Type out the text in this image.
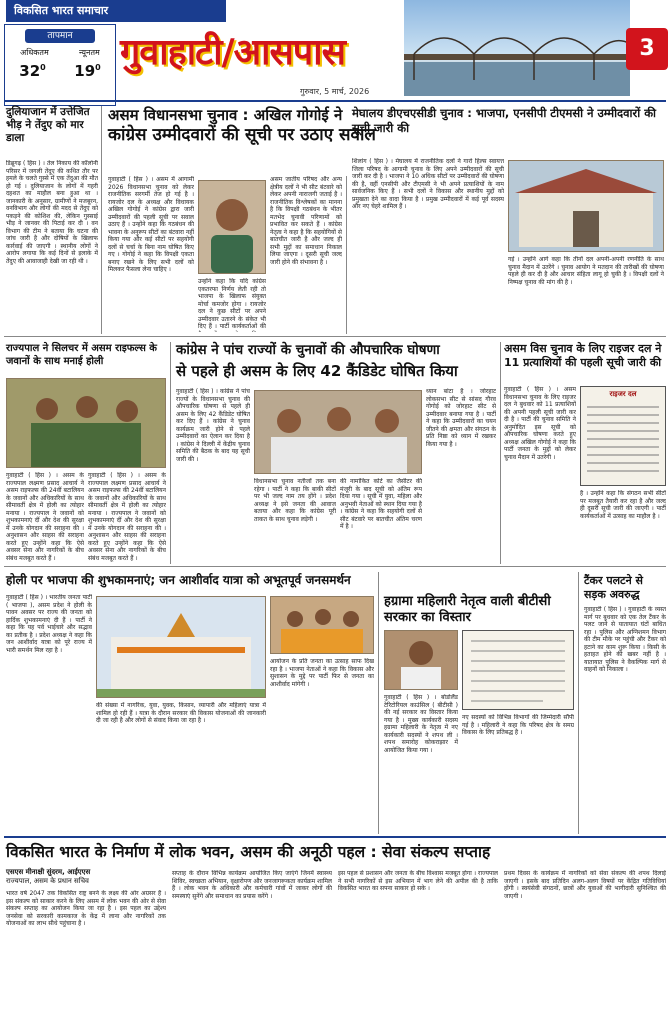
विकसित भारत समाचार
तापमान
अधिकतम	न्यूनतम
$32^0$ $19^0$ गुवाहाटी/आसपास
गुरुवार, 5 मार्च, 2026
3
दुलियाजान में उत्तेजित भीड़ ने तेंदुए को मार डाला
डिब्रूगढ़ ( हिंस ) । तेल निकाय की कॉलोनी परिसर में जगली तेंदुए की कथित तौर पर हमले के चलते गुस्से में एक तेंदुआ की मौत हो गई । दुलियाजान के लोगों में गहरी दहशत का माहौल बना हुआ था । जानकारी के अनुसार, ग्रामीणों ने मजबूरन, वनविभाग और लोगों की मदद से तेंदुए को पकड़ने की कोशिश की, लेकिन गुस्साई भीड़ ने जानवर की पिटाई कर दी । वन विभाग की टीम ने बताया कि घटना की जांच जारी है और दोषियों के खिलाफ कार्रवाई की जाएगी । स्थानीय लोगों ने आरोप लगाया कि कई दिनों से इलाके में तेंदुए की आवाजाही देखी जा रही थी ।
असम विधानसभा चुनाव : अखिल गोगोई ने
कांग्रेस उम्मीदवारों की सूची पर उठाए सवाल
गुवाहाटी ( हिंस ) । असम में आगामी 2026 विधानसभा चुनाव को लेकर राजनीतिक सरगर्मी तेज हो गई है । रायजोर दल के अध्यक्ष और विधायक अखिल गोगोई ने कांग्रेस द्वारा जारी उम्मीदवारों की पहली सूची पर सवाल उठाए हैं । उन्होंने कहा कि गठबंधन की भावना के अनुरूप सीटों का बंटवारा नहीं किया गया और कई सीटों पर सहयोगी दलों से चर्चा के बिना नाम घोषित किए गए । गोगोई ने कहा कि विपक्षी एकता बनाए रखने के लिए सभी दलों को मिलकर फैसला लेना चाहिए ।
उन्होंने कहा कि यदि कांग्रेस एकतरफा निर्णय लेती रही तो भाजपा के खिलाफ संयुक्त मोर्चा कमजोर होगा । रायजोर दल ने कुछ सीटों पर अपने उम्मीदवार उतारने के संकेत भी दिए हैं । पार्टी कार्यकर्ताओं की
असम जातीय परिषद और अन्य क्षेत्रीय दलों ने भी सीट बंटवारे को लेकर अपनी नाराजगी जताई है । राजनीतिक विश्लेषकों का मानना है कि विपक्षी गठबंधन के भीतर मतभेद चुनावी परिणामों को प्रभावित कर सकते हैं । कांग्रेस नेतृत्व ने कहा है कि सहयोगियों से बातचीत जारी है और जल्द ही सभी मुद्दों का समाधान निकाल लिया जाएगा । दूसरी सूची जल्द जारी होने की संभावना है ।
मेघालय डीएचएसीडी चुनाव : भाजपा, एनसीपी टीएमसी ने उम्मीदवारों की सूची जारी की
शिलांग ( हिंस ) । मेघालय में राजनीतिक दलों ने गारो हिल्स स्वायत्त जिला परिषद के आगामी चुनाव के लिए अपने उम्मीदवारों की सूची जारी कर दी है । भाजपा ने 10 अधिक सीटों पर उम्मीदवारों की घोषणा की है, वहीं एनसीपी और टीएमसी ने भी अपने प्रत्याशियों के नाम सार्वजनिक किए हैं । सभी दलों ने विकास और स्थानीय मुद्दों को प्रमुखता देने का वादा किया है । प्रमुख उम्मीदवारों में कई पूर्व सदस्य और नए चेहरे शामिल हैं ।
गई । उन्होंने आगे कहा कि तीनों दल अपनी-अपनी रणनीति के साथ चुनाव मैदान में उतरेंगे । चुनाव आयोग ने मतदान की तारीखों की घोषणा पहले ही कर दी है और आचार संहिता लागू हो चुकी है । विपक्षी दलों ने निष्पक्ष चुनाव की मांग की है ।
राज्यपाल ने सिलचर में असम राइफल्स के जवानों के साथ मनाई होली
गुवाहाटी ( हिंस ) । असम के राज्यपाल लक्ष्मण प्रसाद आचार्य ने असम राइफल्स की 24वीं बटालियन के जवानों और अधिकारियों के साथ सीमावर्ती क्षेत्र में होली का त्योहार मनाया । राज्यपाल ने जवानों को शुभकामनाएं दीं और देश की सुरक्षा में उनके योगदान की सराहना की । अनुशासन और साहस की सराहना करते हुए उन्होंने कहा कि ऐसे अवसर सेना और नागरिकों के बीच संबंध मजबूत करते हैं ।
गुवाहाटी ( हिंस ) । असम के राज्यपाल लक्ष्मण प्रसाद आचार्य ने असम राइफल्स की 24वीं बटालियन के जवानों और अधिकारियों के साथ सीमावर्ती क्षेत्र में होली का त्योहार मनाया । राज्यपाल ने जवानों को शुभकामनाएं दीं और देश की सुरक्षा में उनके योगदान की सराहना की । अनुशासन और साहस की सराहना करते हुए उन्होंने कहा कि ऐसे अवसर सेना और नागरिकों के बीच संबंध मजबूत करते हैं ।
कांग्रेस ने पांच राज्यों के चुनावों की औपचारिक घोषणा
से पहले ही असम के लिए 42 कैंडिडेट घोषित किया
गुवाहाटी ( हिंस ) । कांग्रेस ने पांच राज्यों के विधानसभा चुनाव की औपचारिक घोषणा से पहले ही असम के लिए 42 कैंडिडेट घोषित कर दिए हैं । कांग्रेस ने चुनाव कार्यक्रम जारी होने से पहले उम्मीदवारों का ऐलान कर दिया है । कांग्रेस ने दिल्ली में केंद्रीय चुनाव समिति की बैठक के बाद यह सूची जारी की ।
विधानसभा चुनाव नतीजों तक बना रहेगा । पार्टी ने कहा कि बाकी सीटों पर भी जल्द नाम तय होंगे । प्रदेश अध्यक्ष ने इसे जनता की आवाज बताया और कहा कि कांग्रेस पूरी ताकत के साथ चुनाव लड़ेगी ।
की नामांकित कोर्ट का जैसीटर की मंजूरी के बाद सूची को अंतिम रूप दिया गया । सूची में युवा, महिला और अनुभवी नेताओं को स्थान दिया गया है । कांग्रेस ने कहा कि सहयोगी दलों से सीट बंटवारे पर बातचीत अंतिम चरण में है ।
ध्यान बांटा है । जोरहाट लोकसभा सीट से सांसद गौरव गोगोई को जोरहाट सीट से उम्मीदवार बनाया गया है । पार्टी ने कहा कि उम्मीदवारों का चयन जीतने की क्षमता और संगठन के प्रति निष्ठा को ध्यान में रखकर किया गया है ।
असम विस चुनाव के लिए राइजर दल ने 11 प्रत्याशियों की पहली सूची जारी की
गुवाहाटी ( हिंस ) । असम विधानसभा चुनाव के लिए राइजर दल ने बुधवार को 11 प्रत्याशियों की अपनी पहली सूची जारी कर दी है । पार्टी की चुनाव समिति ने अनुमोदित इस सूची को औपचारिक घोषणा करते हुए अध्यक्ष अखिल गोगोई ने कहा कि पार्टी जनता के मुद्दों को लेकर चुनाव मैदान में उतरेगी ।
राइजर दल
है । उन्होंने कहा कि संगठन सभी सीटों पर मजबूत तैयारी कर रहा है और जल्द ही दूसरी सूची जारी की जाएगी । पार्टी कार्यकर्ताओं में उत्साह का माहौल है ।
होली पर भाजपा की शुभकामनाएं; जन आशीर्वाद यात्रा को अभूतपूर्व जनसमर्थन
गुवाहाटी ( हिंस ) । भारतीय जनता पार्टी ( भाजपा ), असम प्रदेश ने होली के पावन अवसर पर राज्य की जनता को हार्दिक शुभकामनाएं दी हैं । पार्टी ने कहा कि यह पर्व भाईचारे और सद्भाव का प्रतीक है । प्रदेश अध्यक्ष ने कहा कि जन आशीर्वाद यात्रा को पूरे राज्य में भारी समर्थन मिल रहा है ।
की संख्या में नागरिक, युवा, युवक, किसान, व्यापारी और महिलाएं यात्रा में शामिल हो रही हैं । यात्रा के दौरान सरकार की विकास योजनाओं की जानकारी दी जा रही है और लोगों से संवाद किया जा रहा है ।
आयोजन के प्रति जनता का उत्साह साफ दिख रहा है । भाजपा नेताओं ने कहा कि विकास और सुशासन के मुद्दे पर पार्टी फिर से जनता का आशीर्वाद मांगेगी ।
हग्रामा महिलारी नेतृत्व वाली बीटीसी सरकार का विस्तार
गुवाहाटी ( हिंस ) । बोडोलैंड टेरिटोरियल काउंसिल ( बीटीसी ) की नई सरकार का विस्तार किया गया है । मुख्य कार्यकारी सदस्य हग्रामा महिलारी के नेतृत्व में नए कार्यकारी सदस्यों ने शपथ ली । शपथ समारोह कोकराझार में आयोजित किया गया ।
नए सदस्यों को विभिन्न विभागों की जिम्मेदारी सौंपी गई है । महिलारी ने कहा कि परिषद क्षेत्र के समग्र विकास के लिए प्रतिबद्ध है ।
टैंकर पलटने से सड़क अवरुद्ध
गुवाहाटी ( हिंस ) । गुवाहाटी के व्यस्त मार्ग पर बुधवार को एक तेल टैंकर के पलट जाने से यातायात घंटों बाधित रहा । पुलिस और अग्निशमन विभाग की टीम मौके पर पहुंची और टैंकर को हटाने का काम शुरू किया । किसी के हताहत होने की खबर नहीं है । यातायात पुलिस ने वैकल्पिक मार्ग से वाहनों को निकाला ।
विकसित भारत के निर्माण में लोक भवन, असम की अनूठी पहल : सेवा संकल्प सप्ताह
एसएस मीनाक्षी सुंदरम, आईएएस
राज्यपाल, असम के प्रधान सचिव
भारत वर्ष 2047 तक विकसित राष्ट्र बनने के लक्ष्य की ओर अग्रसर है । इस संकल्प को साकार करने के लिए असम में लोक भवन की ओर से सेवा संकल्प सप्ताह का आयोजन किया जा रहा है । इस पहल का उद्देश्य जनसेवा को सरकारी कामकाज के केंद्र में लाना और नागरिकों तक योजनाओं का लाभ सीधे पहुंचाना है ।
सप्ताह के दौरान विभिन्न कार्यक्रम आयोजित किए जाएंगे जिनमें स्वास्थ्य शिविर, स्वच्छता अभियान, वृक्षारोपण और जनजागरूकता कार्यक्रम शामिल हैं । लोक भवन के अधिकारी और कर्मचारी गांवों में जाकर लोगों की समस्याएं सुनेंगे और समाधान का प्रयास करेंगे ।
इस पहल से प्रशासन और जनता के बीच विश्वास मजबूत होगा । राज्यपाल ने सभी नागरिकों से इस अभियान में भाग लेने की अपील की है ताकि विकसित भारत का सपना साकार हो सके ।
प्रथम दिवस के कार्यक्रम में नागरिकों को सेवा संकल्प की शपथ दिलाई जाएगी । इसके बाद प्रतिदिन अलग-अलग विषयों पर केंद्रित गतिविधियां होंगी । स्वयंसेवी संगठनों, छात्रों और युवाओं की भागीदारी सुनिश्चित की जाएगी ।
